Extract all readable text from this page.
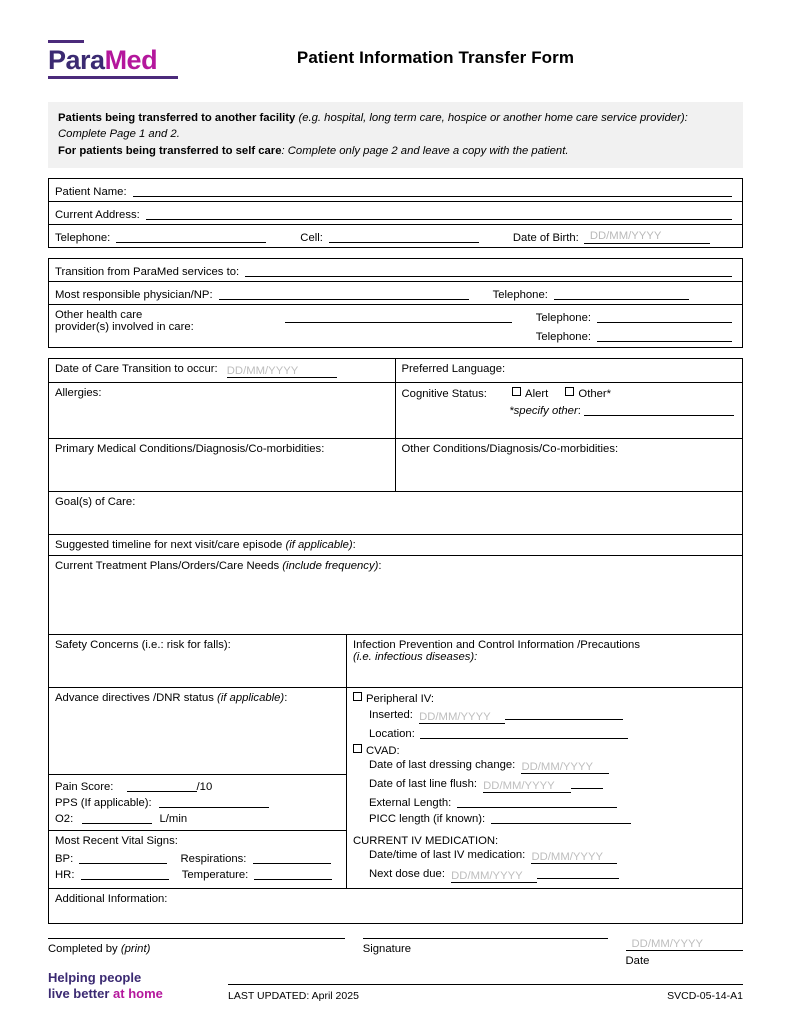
ParaMed	Patient Information Transfer Form
Patients being transferred to another facility (e.g. hospital, long term care, hospice or another home care service provider): Complete Page 1 and 2.
For patients being transferred to self care: Complete only page 2 and leave a copy with the patient.
Patient Name:
Current Address:
Telephone:	Cell:	Date of Birth: DD/MM/YYYY
Transition from ParaMed services to:
Most responsible physician/NP:	Telephone:
Other health care
provider(s) involved in care:
Telephone:
Telephone:
Date of Care Transition to occur: DD/MM/YYYY	Preferred Language:
Allergies:	Cognitive Status:	Alert	Other*
*specify other:
Primary Medical Conditions/Diagnosis/Co-morbidities:	Other Conditions/Diagnosis/Co-morbidities:
Goal(s) of Care:
Suggested timeline for next visit/care episode (if applicable):
Current Treatment Plans/Orders/Care Needs (include frequency):
Safety Concerns (i.e.: risk for falls):	Infection Prevention and Control Information /Precautions
(i.e. infectious diseases):
Advance directives /DNR status (if applicable):
Pain Score:	/10
PPS (If applicable):
O2:	L/min
Most Recent Vital Signs:
BP:	Respirations:
HR:	Temperature:
Peripheral IV:
Inserted: DD/MM/YYYY
Location:
CVAD:
Date of last dressing change: DD/MM/YYYY
Date of last line flush: DD/MM/YYYY
External Length:
PICC length (if known):
CURRENT IV MEDICATION:
Date/time of last IV medication: DD/MM/YYYY
Next dose due: DD/MM/YYYY
Additional Information:
Completed by (print)	Signature	DD/MM/YYYY
Date
Helping people
live better at home	LAST UPDATED: April 2025	SVCD-05-14-A1
